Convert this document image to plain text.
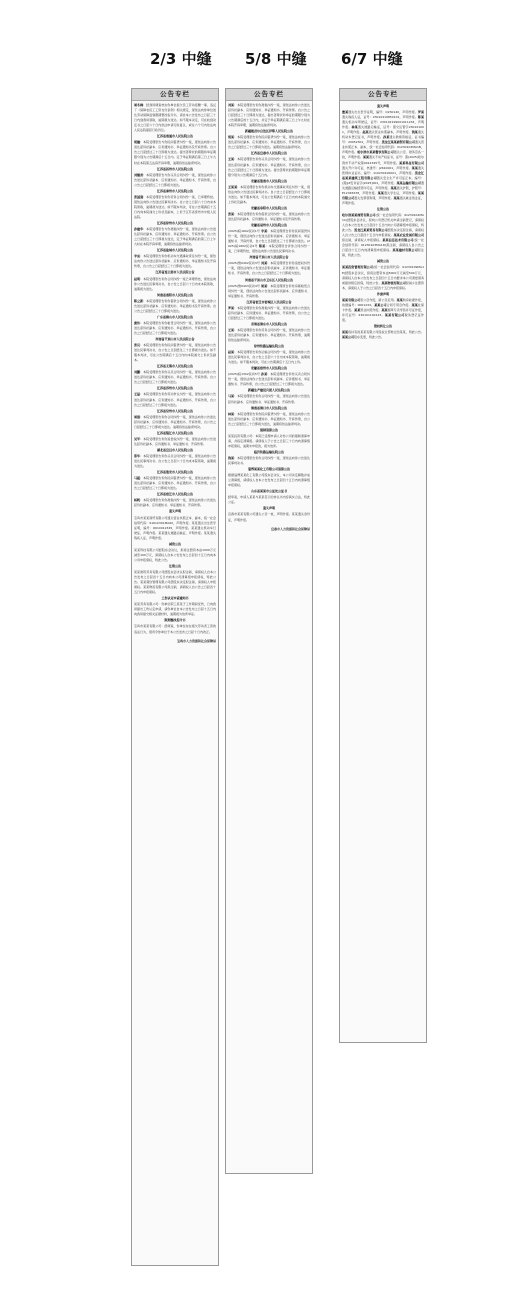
2/3 中缝 5/8 中缝 6/7 中缝
公告专栏
周冬梅：经我局调查核实你单位拖欠员工劳动报酬一事，违反了《保障农民工工资支付条例》相关规定，现依法向你单位送达劳动保障监察限期整改指令书，请自本公告发布之日起三十日内到我局领取，逾期视为送达。如不服本决定，可在收到决定书之日起六十日内依法申请行政复议，或在六个月内依法向人民法院提起行政诉讼。
江苏省南通市人民法院公告
胡健：本院受理原告与你民间借贷纠纷一案，现依法向你公告送达起诉状副本、应诉通知书、举证通知书及开庭传票。自公告之日起经过三十日即视为送达。提出答辩状的期限和举证期限分别为公告期满后十五日内。定于举证期满后第三日上午九时在本院第五法庭开庭审理，逾期将依法缺席判决。
江苏省扬州市人民法院公告
刘继武：本院受理原告与你买卖合同纠纷一案，现依法向你公告送达起诉状副本、应诉通知书、举证通知书、开庭传票，自公告之日起经过三十日即视为送达。
江苏省泰州市人民法院公告
张国强：本院受理原告诉你劳务合同纠纷一案，已审理终结。现依法向你公告送达民事判决书。自公告之日起六十日内来本院领取，逾期视为送达。如不服本判决，可在公告期满后十五日内向本院递交上诉状及副本，上诉于江苏省泰州市中级人民法院。
江苏省徐州市人民法院公告
孙建华：本院受理原告与你离婚纠纷一案，现依法向你公告送达起诉状副本、应诉通知书、举证通知书、开庭传票。自公告之日起经过三十日即视为送达，定于举证期满后的第三日上午九时在本院开庭审理，逾期将依法缺席判决。
江苏省盐城市人民法院公告
李成：本院受理原告诉你机动车交通事故责任纠纷一案，现依法向你公告送达起诉状副本、应诉通知书、举证通知书及开庭传票，自公告之日起经过三十日即视为送达。
江苏省连云港市人民法院公告
赵明：本院受理原告诉你合同纠纷一案已审理终结，现依法向你公告送达民事判决书，自公告之日起六十日内来本院领取，逾期视为送达。
河南省南阳市人民法院公告
陈立新：本院受理原告诉你借款合同纠纷一案，现依法向你公告送达起诉状副本、应诉通知书、举证通知书及开庭传票。自公告之日起经过三十日即视为送达。
广东省佛山市人民法院公告
黄伟：本院受理原告诉你租赁合同纠纷一案，现依法向你公告送达起诉状副本、应诉通知书、举证通知书、开庭传票，自公告之日起经过三十日即视为送达。
河南省平顶山市人民法院公告
张亮：本院受理原告诉你民间借贷纠纷一案，现依法向你公告送达民事判决书，自公告之日起经过三十日即视为送达。如不服本判决，可在公告期满后十五日内向本院递交上诉状及副本。
江苏省无锡市人民法院公告
刘鹏：本院受理原告诉你买卖合同纠纷一案，现依法向你公告送达起诉状副本、应诉通知书、举证通知书、开庭传票。自公告之日起经过三十日即视为送达。
江苏省苏州市人民法院公告
王磊：本院受理原告诉你劳动争议纠纷一案，现依法向你公告送达起诉状副本、应诉通知书、举证通知书、开庭传票，自公告之日起经过三十日即视为送达。
江苏省常州市人民法院公告
周强：本院受理原告诉你合同纠纷一案，现依法向你公告送达起诉状副本、应诉通知书、举证通知书、开庭传票，自公告之日起经过三十日即视为送达。逾期将依法缺席判决。
江苏省镇江市人民法院公告
吴军：本院受理原告诉你追偿权纠纷一案，现依法向你公告送达起诉状副本、应诉通知书、举证通知书、开庭传票。
湖北省宜昌市人民法院公告
郑华：本院受理原告诉你买卖合同纠纷一案，现依法向你公告送达民事判决书。自公告之日起六十日内来本院领取，逾期视为送达。
江苏省淮安市人民法院公告
马超：本院受理原告诉你民间借贷纠纷一案，现依法向你公告送达起诉状副本、应诉通知书、举证通知书、开庭传票，自公告之日起经过三十日即视为送达。
江苏省宿迁市人民法院公告
杨帆：本院受理原告诉你离婚纠纷一案，现依法向你公告送达起诉状副本、应诉通知书、举证通知书、开庭传票。
遗失声明
宝鸡市某某商贸有限公司遗失营业执照正本、副本，统一社会信用代码：91610301MA6X，声明作废。某某遗失出生医学证明，编号：Q610012345，声明作废。某某遗失机动车行驶证，声明作废。某某遗失道路运输证，声明作废。某某遗失残疾人证，声明作废。
减资公告
某某科技有限公司经股东会决议，拟将注册资本由1000万元减至100万元，请债权人自本公告发布之日起四十五日内向本公司申报债权，特此公告。
注销公告
某某建筑劳务有限公司经股东会决议拟注销，请债权人自本公告发布之日起四十五日内向本公司清算组申报债权，特此公告。某某餐饮管理有限公司经股东决定拟注销，请债权人申报债权。某某物流有限公司拟注销，请债权人自公告之日起四十五日内申报债权。
工伤认定申请通知书
某某劳务有限公司：你单位职工某某于工作期间受伤，已向我局提出工伤认定申请，请你单位自本公告发布之日起十五日内向我局提交相关证据材料，逾期视为放弃举证。
限期整改指令书
宝鸡市某某有限公司：经调查，你单位存在拖欠劳动者工资的违法行为，现责令你单位于本公告发布之日起十日内改正。
宝鸡市人力资源和社会保障局
公告专栏
刘某：本院受理原告诉你离婚纠纷一案，现依法向你公告送达起诉状副本、应诉通知书、举证通知书、开庭传票。自公告之日起经过三十日即视为送达，提出答辩状和举证的期限分别为公告期满后的十五日内，并定于举证期满后第三日上午九时在本院开庭审理，逾期将依法缺席判决。
新疆维吾尔自治区伊犁人民法院公告
胡某：本院受理原告诉你民间借贷纠纷一案，现依法向你公告送达起诉状副本、应诉通知书、举证通知书、开庭传票，自公告之日起经过三十日即视为送达。逾期将依法缺席判决。
江西省宜春市人民法院公告
王某：本院受理原告诉你买卖合同纠纷一案，现依法向你公告送达起诉状副本、应诉通知书、举证通知书、开庭传票，自公告之日起经过三十日即视为送达。提出答辩状的期限和举证期限分别为公告期满后十五日内。
安徽省淮南市人民法院公告
王某某：本院受理原告诉你机动车交通事故责任纠纷一案，现依法向你公告送达民事判决书。自公告之日起经过六十日即视为送达。如不服本判决，可在公告期满后十五日内向本院递交上诉状及副本。
安徽省阜阳市人民法院公告
张某：本院受理原告诉你借款合同纠纷一案，现依法向你公告送达起诉状副本、应诉通知书、举证通知书及开庭传票。
安徽省亳州市人民法院公告
(2025)皖1602民初1号 李某：本院受理原告诉你民间借贷纠纷一案，现依法向你公告送达起诉状副本、应诉通知书、举证通知书、开庭传票，自公告之日起经过三十日即视为送达。(2025)皖1602民初2号 陈某：本院受理原告诉你合同纠纷一案，已审理终结，现依法向你公告送达民事判决书。
河南省平顶山市人民法院公告
(2025)豫0402民初3号 刘某：本院受理原告诉你追偿权纠纷一案，现依法向你公告送达起诉状副本、应诉通知书、举证通知书、开庭传票，自公告之日起经过三十日即视为送达。
河南省平顶山市卫东区人民法院公告
(2025)豫0403民初4号 周某：本院受理原告诉你房屋租赁合同纠纷一案，现依法向你公告送达起诉状副本、应诉通知书、举证通知书、开庭传票。
江苏省宿迁市宿城区人民法院公告
罗某：本院受理原告诉你离婚纠纷一案，现依法向你公告送达起诉状副本、应诉通知书、举证通知书、开庭传票，自公告之日起经过三十日即视为送达。
青海省海东市人民法院公告
王某：本院受理原告诉你劳务合同纠纷一案，现依法向你公告送达起诉状副本、应诉通知书、举证通知书、开庭传票，逾期将依法缺席判决。
徐州铁路运输法院公告
赵某：本院受理原告诉你运输合同纠纷一案，现依法向你公告送达民事判决书，自公告之日起六十日内来本院领取，逾期视为送达。如不服本判决，可在公告期满后十五日内上诉。
安徽省宿州市人民法院公告
(2025)皖1302民初5号 孙某：本院受理原告诉你买卖合同纠纷一案，现依法向你公告送达起诉状副本、应诉通知书、举证通知书、开庭传票，自公告之日起经过三十日即视为送达。
新疆生产建设兵团人民法院公告
马某：本院受理原告诉你合同纠纷一案，现依法向你公告送达起诉状副本、应诉通知书、举证通知书、开庭传票。
海南省海口市人民法院公告
林某：本院受理原告诉你民间借贷纠纷一案，现依法向你公告送达起诉状副本、应诉通知书、举证通知书、开庭传票，自公告之日起经过三十日即视为送达，逾期将依法缺席判决。
强制清算公告
某某投资有限公司：本院已受理申请人对你公司的强制清算申请，并指定清算组。请债权人于公告之日起三十日内向清算组申报债权，逾期未申报的，视为放弃。
临沂铁路运输法院公告
钱某：本院受理原告诉你合同纠纷一案，现依法向你公告送达民事判决书。
淄博某某化工有限公司清算公告
根据淄博某某化工有限公司股东会决议，本公司决定解散并成立清算组，请债权人自本公告发布之日起四十五日内向清算组申报债权。
山东省某某市公证处公证书
经审查，申请人某某与某某签订的协议书内容真实合法，特此公证。
遗失声明
宜春市某某有限公司遗失公章一枚，声明作废。某某遗失身份证，声明作废。
宜春市人力资源和社会保障局
公告专栏
遗失声明
董某遗失出生医学证明，编号：Q230140，声明作废。罗某遗失残疾人证，证号：23010419850101，声明作废。陈某遗失机动车驾驶证，证号：230102199001011234，声明作废。林某遗失道路运输证，证号：黑交运管字230101001，声明作废。赵某遗失营业执照副本，声明作废。钱某遗失机动车登记证书，声明作废。孙某遗失教师资格证，证书编号：20052301，声明作废。黑龙江某某商贸有限公司遗失营业执照正本、副本，统一社会信用代码：91230103MA1B，声明作废。哈尔滨市某某餐饮有限公司遗失公章、财务章各一枚，声明作废。某某遗失不动产权证书，证号：黑(2025)哈尔滨市不动产权第0012345号，声明作废。某某科技有限公司遗失开户许可证，核准号：J2610001，声明作废。某某遗失医师执业证书，编号：110230100001，声明作废。黑龙江省某某建筑工程有限公司遗失安全生产许可证正本，编号：(黑)JZ安许证字[2025]001，声明作废。某某运输有限公司遗失道路运输经营许可证，声明作废。某某遗失护照，护照号：E12345678，声明作废。某某遗失学生证，声明作废。某某有限公司遗失发票领购簿，声明作废。某某遗失就业创业证，声明作废。
注销公告
哈尔滨某某商贸有限公司(统一社会信用代码：91230102MA1C)经股东会决议，拟向公司登记机关申请注销登记，请债权人自本公告发布之日起四十五日内向公司清算组申报债权，特此公告。黑龙江某某贸易有限公司经股东决定拟注销，请债权人自公告之日起四十五日内申报债权。某某农业发展有限公司拟注销，请债权人申报债权。某某信息技术有限公司(统一社会信用代码：91230103MA1D)拟注销，请债权人自公告之日起四十五日内向清算组申报债权。某某建材有限公司拟注销，特此公告。
减资公告
某某投资管理有限公司(统一社会信用代码：91230109MA1E)经股东会决议，拟将注册资本由5000万元减至500万元，请债权人自本公告发布之日起四十五日内要求本公司清偿债务或提供相应担保，特此公告。某某物流有限公司拟减少注册资本，请债权人于公告之日起四十五日内申报债权。
作废声明
某某有限公司原公章作废，新公章启用。某某购房收据作废，收据编号：0001234。某某公司合同专用章作废。某某社保卡作废。某某营业执照作废。某某烟草专卖零售许可证作废，许可证号：230101100123。某某有限公司税务登记证作废。
股权转让公告
某某将持有的某某有限公司股权全部转让给某某，特此公告。某某公司股东变更，特此公告。
